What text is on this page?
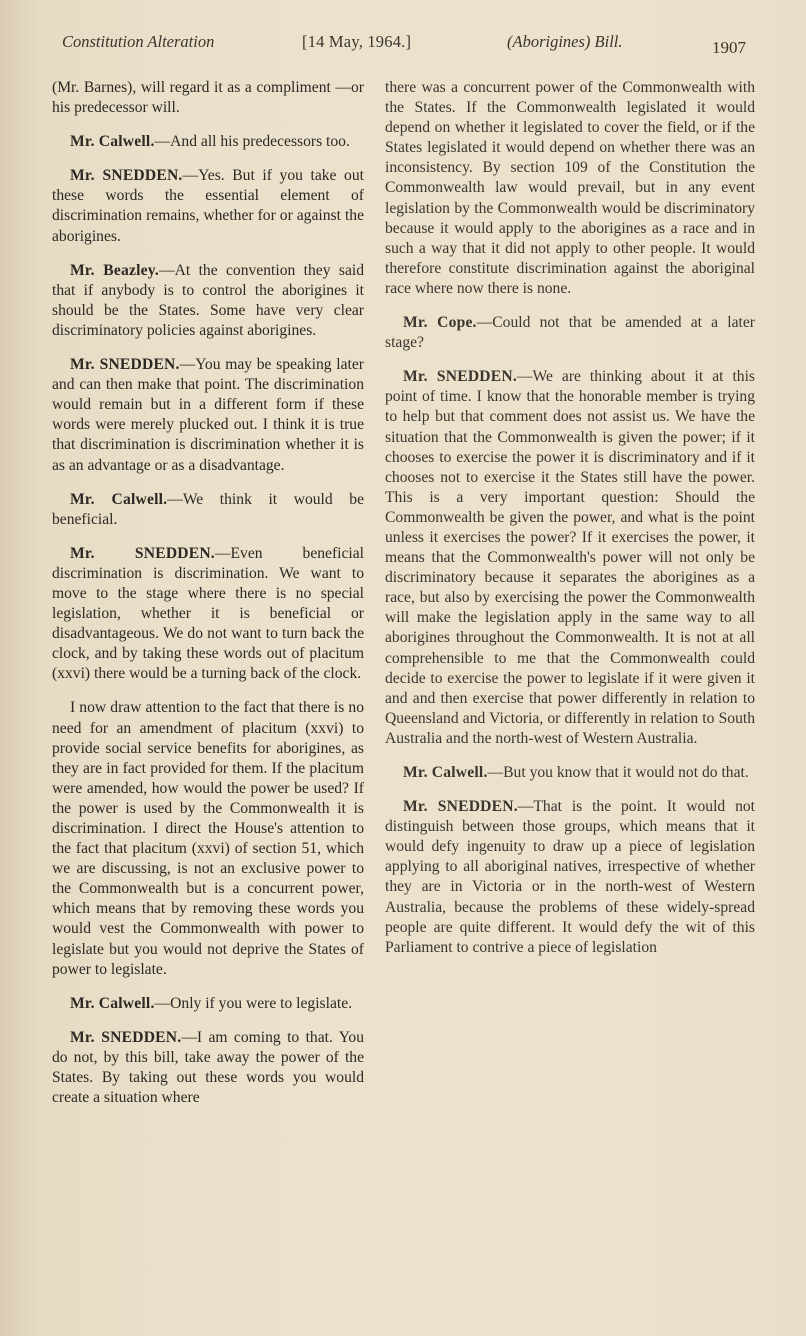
Constitution Alteration	[14 May, 1964.]	(Aborigines) Bill.	1907

(Mr. Barnes), will regard it as a compliment —or his predecessor will.

Mr. Calwell.—And all his predecessors too.

Mr. SNEDDEN.—Yes. But if you take out these words the essential element of discrimination remains, whether for or against the aborigines.

Mr. Beazley.—At the convention they said that if anybody is to control the aborigines it should be the States. Some have very clear discriminatory policies against aborigines.

Mr. SNEDDEN.—You may be speaking later and can then make that point. The discrimination would remain but in a different form if these words were merely plucked out. I think it is true that discrimination is discrimination whether it is as an advantage or as a disadvantage.

Mr. Calwell.—We think it would be beneficial.

Mr. SNEDDEN.—Even beneficial discrimination is discrimination. We want to move to the stage where there is no special legislation, whether it is beneficial or disadvantageous. We do not want to turn back the clock, and by taking these words out of placitum (xxvi) there would be a turning back of the clock.

I now draw attention to the fact that there is no need for an amendment of placitum (xxvi) to provide social service benefits for aborigines, as they are in fact provided for them. If the placitum were amended, how would the power be used? If the power is used by the Commonwealth it is discrimination. I direct the House's attention to the fact that placitum (xxvi) of section 51, which we are discussing, is not an exclusive power to the Commonwealth but is a concurrent power, which means that by removing these words you would vest the Commonwealth with power to legislate but you would not deprive the States of power to legislate.

Mr. Calwell.—Only if you were to legislate.

Mr. SNEDDEN.—I am coming to that. You do not, by this bill, take away the power of the States. By taking out these words you would create a situation where

there was a concurrent power of the Commonwealth with the States. If the Commonwealth legislated it would depend on whether it legislated to cover the field, or if the States legislated it would depend on whether there was an inconsistency. By section 109 of the Constitution the Commonwealth law would prevail, but in any event legislation by the Commonwealth would be discriminatory because it would apply to the aborigines as a race and in such a way that it did not apply to other people. It would therefore constitute discrimination against the aboriginal race where now there is none.

Mr. Cope.—Could not that be amended at a later stage?

Mr. SNEDDEN.—We are thinking about it at this point of time. I know that the honorable member is trying to help but that comment does not assist us. We have the situation that the Commonwealth is given the power; if it chooses to exercise the power it is discriminatory and if it chooses not to exercise it the States still have the power. This is a very important question: Should the Commonwealth be given the power, and what is the point unless it exercises the power? If it exercises the power, it means that the Commonwealth's power will not only be discriminatory because it separates the aborigines as a race, but also by exercising the power the Commonwealth will make the legislation apply in the same way to all aborigines throughout the Commonwealth. It is not at all comprehensible to me that the Commonwealth could decide to exercise the power to legislate if it were given it and and then exercise that power differently in relation to Queensland and Victoria, or differently in relation to South Australia and the north-west of Western Australia.

Mr. Calwell.—But you know that it would not do that.

Mr. SNEDDEN.—That is the point. It would not distinguish between those groups, which means that it would defy ingenuity to draw up a piece of legislation applying to all aboriginal natives, irrespective of whether they are in Victoria or in the north-west of Western Australia, because the problems of these widely-spread people are quite different. It would defy the wit of this Parliament to contrive a piece of legislation
